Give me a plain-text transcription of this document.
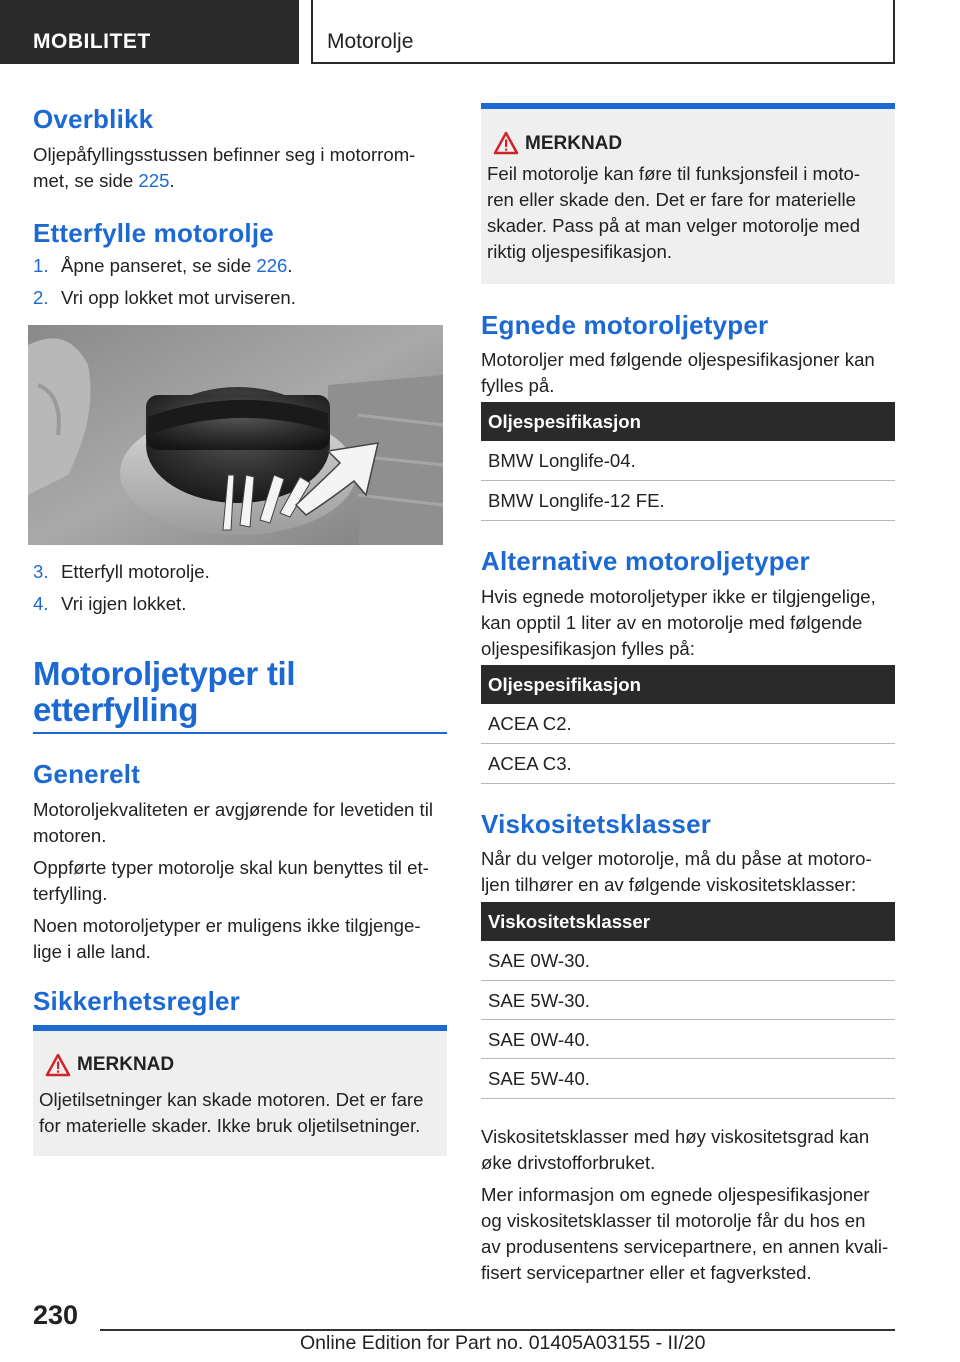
MOBILITET	Motorolje
Overblikk

Oljepåfyllingsstussen befinner seg i motorrom-

met, se side 225.

Etterfylle motorolje
1. Åpne panseret, se side 226.
2. Vri opp lokket mot urviseren.
3. Etterfyll motorolje.
4. Vri igjen lokket.
Motoroljetyper til
etterfylling
Generelt

Motoroljekvaliteten er avgjørende for levetiden til

motoren.

Oppførte typer motorolje skal kun benyttes til et-

terfylling.

Noen motoroljetyper er muligens ikke tilgjenge-

lige i alle land.

Sikkerhetsregler
MERKNAD
Oljetilsetninger kan skade motoren. Det er fare
for materielle skader. Ikke bruk oljetilsetninger.
MERKNAD
Feil motorolje kan føre til funksjonsfeil i moto-
ren eller skade den. Det er fare for materielle
skader. Pass på at man velger motorolje med
riktig oljespesifikasjon.
Egnede motoroljetyper

Motoroljer med følgende oljespesifikasjoner kan

fylles på.

Oljespesifikasjon
BMW Longlife-04.
BMW Longlife-12 FE.
Alternative motoroljetyper

Hvis egnede motoroljetyper ikke er tilgjengelige,

kan opptil 1 liter av en motorolje med følgende

oljespesifikasjon fylles på:

Oljespesifikasjon
ACEA C2.
ACEA C3.
Viskositetsklasser

Når du velger motorolje, må du påse at motoro-

ljen tilhører en av følgende viskositetsklasser:

Viskositetsklasser
SAE 0W-30.
SAE 5W-30.
SAE 0W-40.
SAE 5W-40.

Viskositetsklasser med høy viskositetsgrad kan

øke drivstofforbruket.

Mer informasjon om egnede oljespesifikasjoner

og viskositetsklasser til motorolje får du hos en

av produsentens servicepartnere, en annen kvali-

fisert servicepartner eller et fagverksted.

230
Online Edition for Part no. 01405A03155 - II/20
